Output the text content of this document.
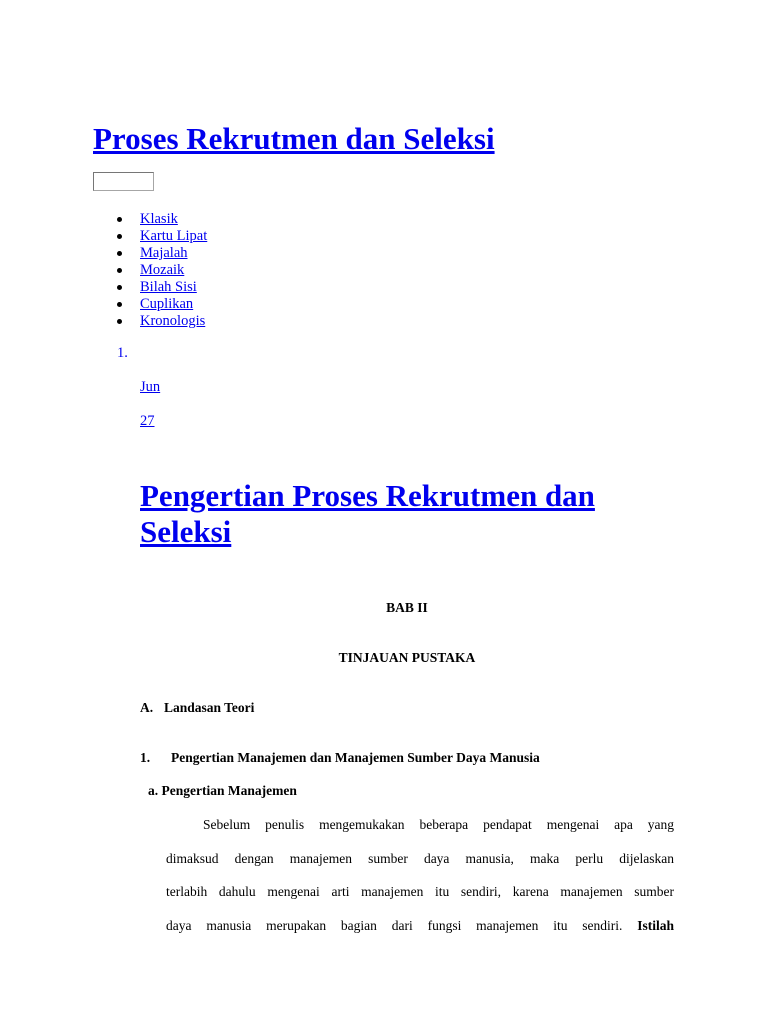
Proses Rekrutmen dan Seleksi
Klasik
Kartu Lipat
Majalah
Mozaik
Bilah Sisi
Cuplikan
Kronologis
1.
Jun
27
Pengertian Proses Rekrutmen dan Seleksi

BAB II

TINJAUAN PUSTAKA

A. Landasan Teori
1. Pengertian Manajemen dan Manajemen Sumber Daya Manusia
a. Pengertian Manajemen

Sebelum penulis mengemukakan beberapa pendapat mengenai apa yang

dimaksud dengan manajemen sumber daya manusia, maka perlu dijelaskan

terlabih dahulu mengenai arti manajemen itu sendiri, karena manajemen sumber

daya manusia merupakan bagian dari fungsi manajemen itu sendiri. Istilah
